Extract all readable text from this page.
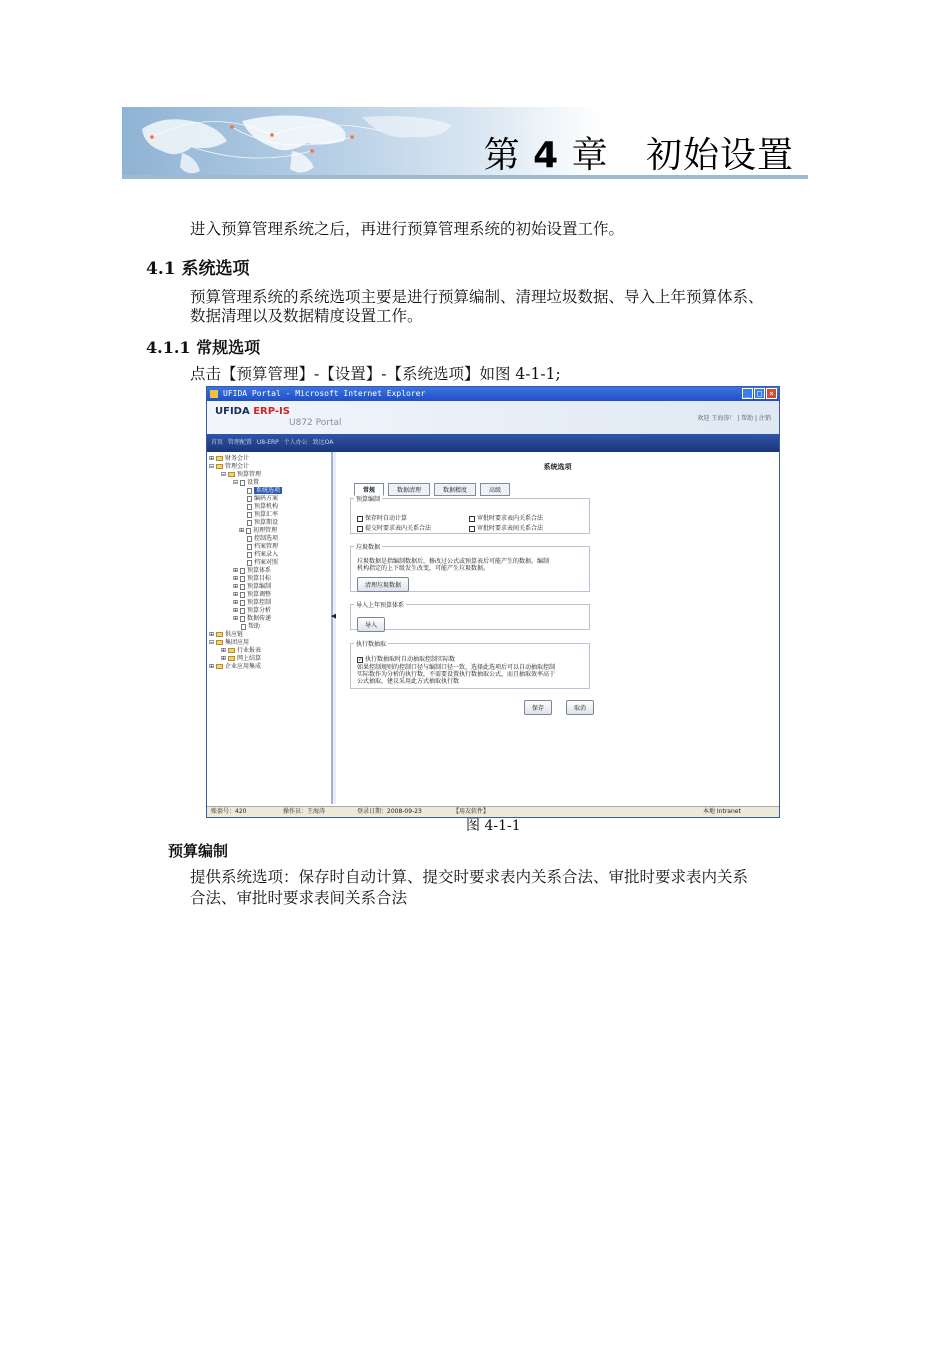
第 4 章 初始设置
进入预算管理系统之后，再进行预算管理系统的初始设置工作。
4.1 系统选项
预算管理系统的系统选项主要是进行预算编制、清理垃圾数据、导入上年预算体系、
数据清理以及数据精度设置工作。
4.1.1 常规选项
点击【预算管理】-【设置】-【系统选项】如图 4-1-1;
UFIDA Portal - Microsoft Internet Explorer	_ □ ×
UFIDA ERP-IS
U872 Portal	欢迎 王海涛！ | 帮助 | 注销
首页 管理配置 U8-ERP 个人办公 致远OA
⊞ 财务会计
⊟ 管理会计
⊟ 预算管理
⊟ 设置
系统选项
编码方案
预算机构
预算汇率
预算期设
⊞ 初理管理
控制选项
档案管理
档案录入
档案对照
⊞ 预算体系
⊞ 预算目标
⊞ 预算编制
⊞ 预算调整
⊞ 预算控制
⊞ 预算分析
⊞ 数据传递
帮助
⊞ 供应链
⊟ 集团应用
⊞ 行业报表
⊞ 网上结算
⊞ 企业应用集成
◀
系统选项
常规	数据清理	数据精度	高级
预算编制
保存时自动计算	审批时要求表内关系合法
提交时要求表内关系合法	审批时要求表间关系合法
垃圾数据
垃圾数据是指编制数据后，修改过公式或预算表后可能产生的数据。编制
机构指定的上下级发生改变，可能产生垃圾数据。
清理垃圾数据
导入上年预算体系
导入
执行数抽取
✓ 执行数抽取时自动抽取控制实际数
如果控制规则的控制口径与编制口径一致，选择此选项后可以自动抽取控制
实际数作为分析的执行数，不需要设置执行数抽取公式，而且抽取效率高于
公式抽取，建议采用此方式抽取执行数
保存	取消
账套号：420	操作员：王海涛	登录日期：2008-09-23	【用友软件】	本地 Intranet
图 4-1-1
预算编制
提供系统选项：保存时自动计算、提交时要求表内关系合法、审批时要求表内关系
合法、审批时要求表间关系合法
